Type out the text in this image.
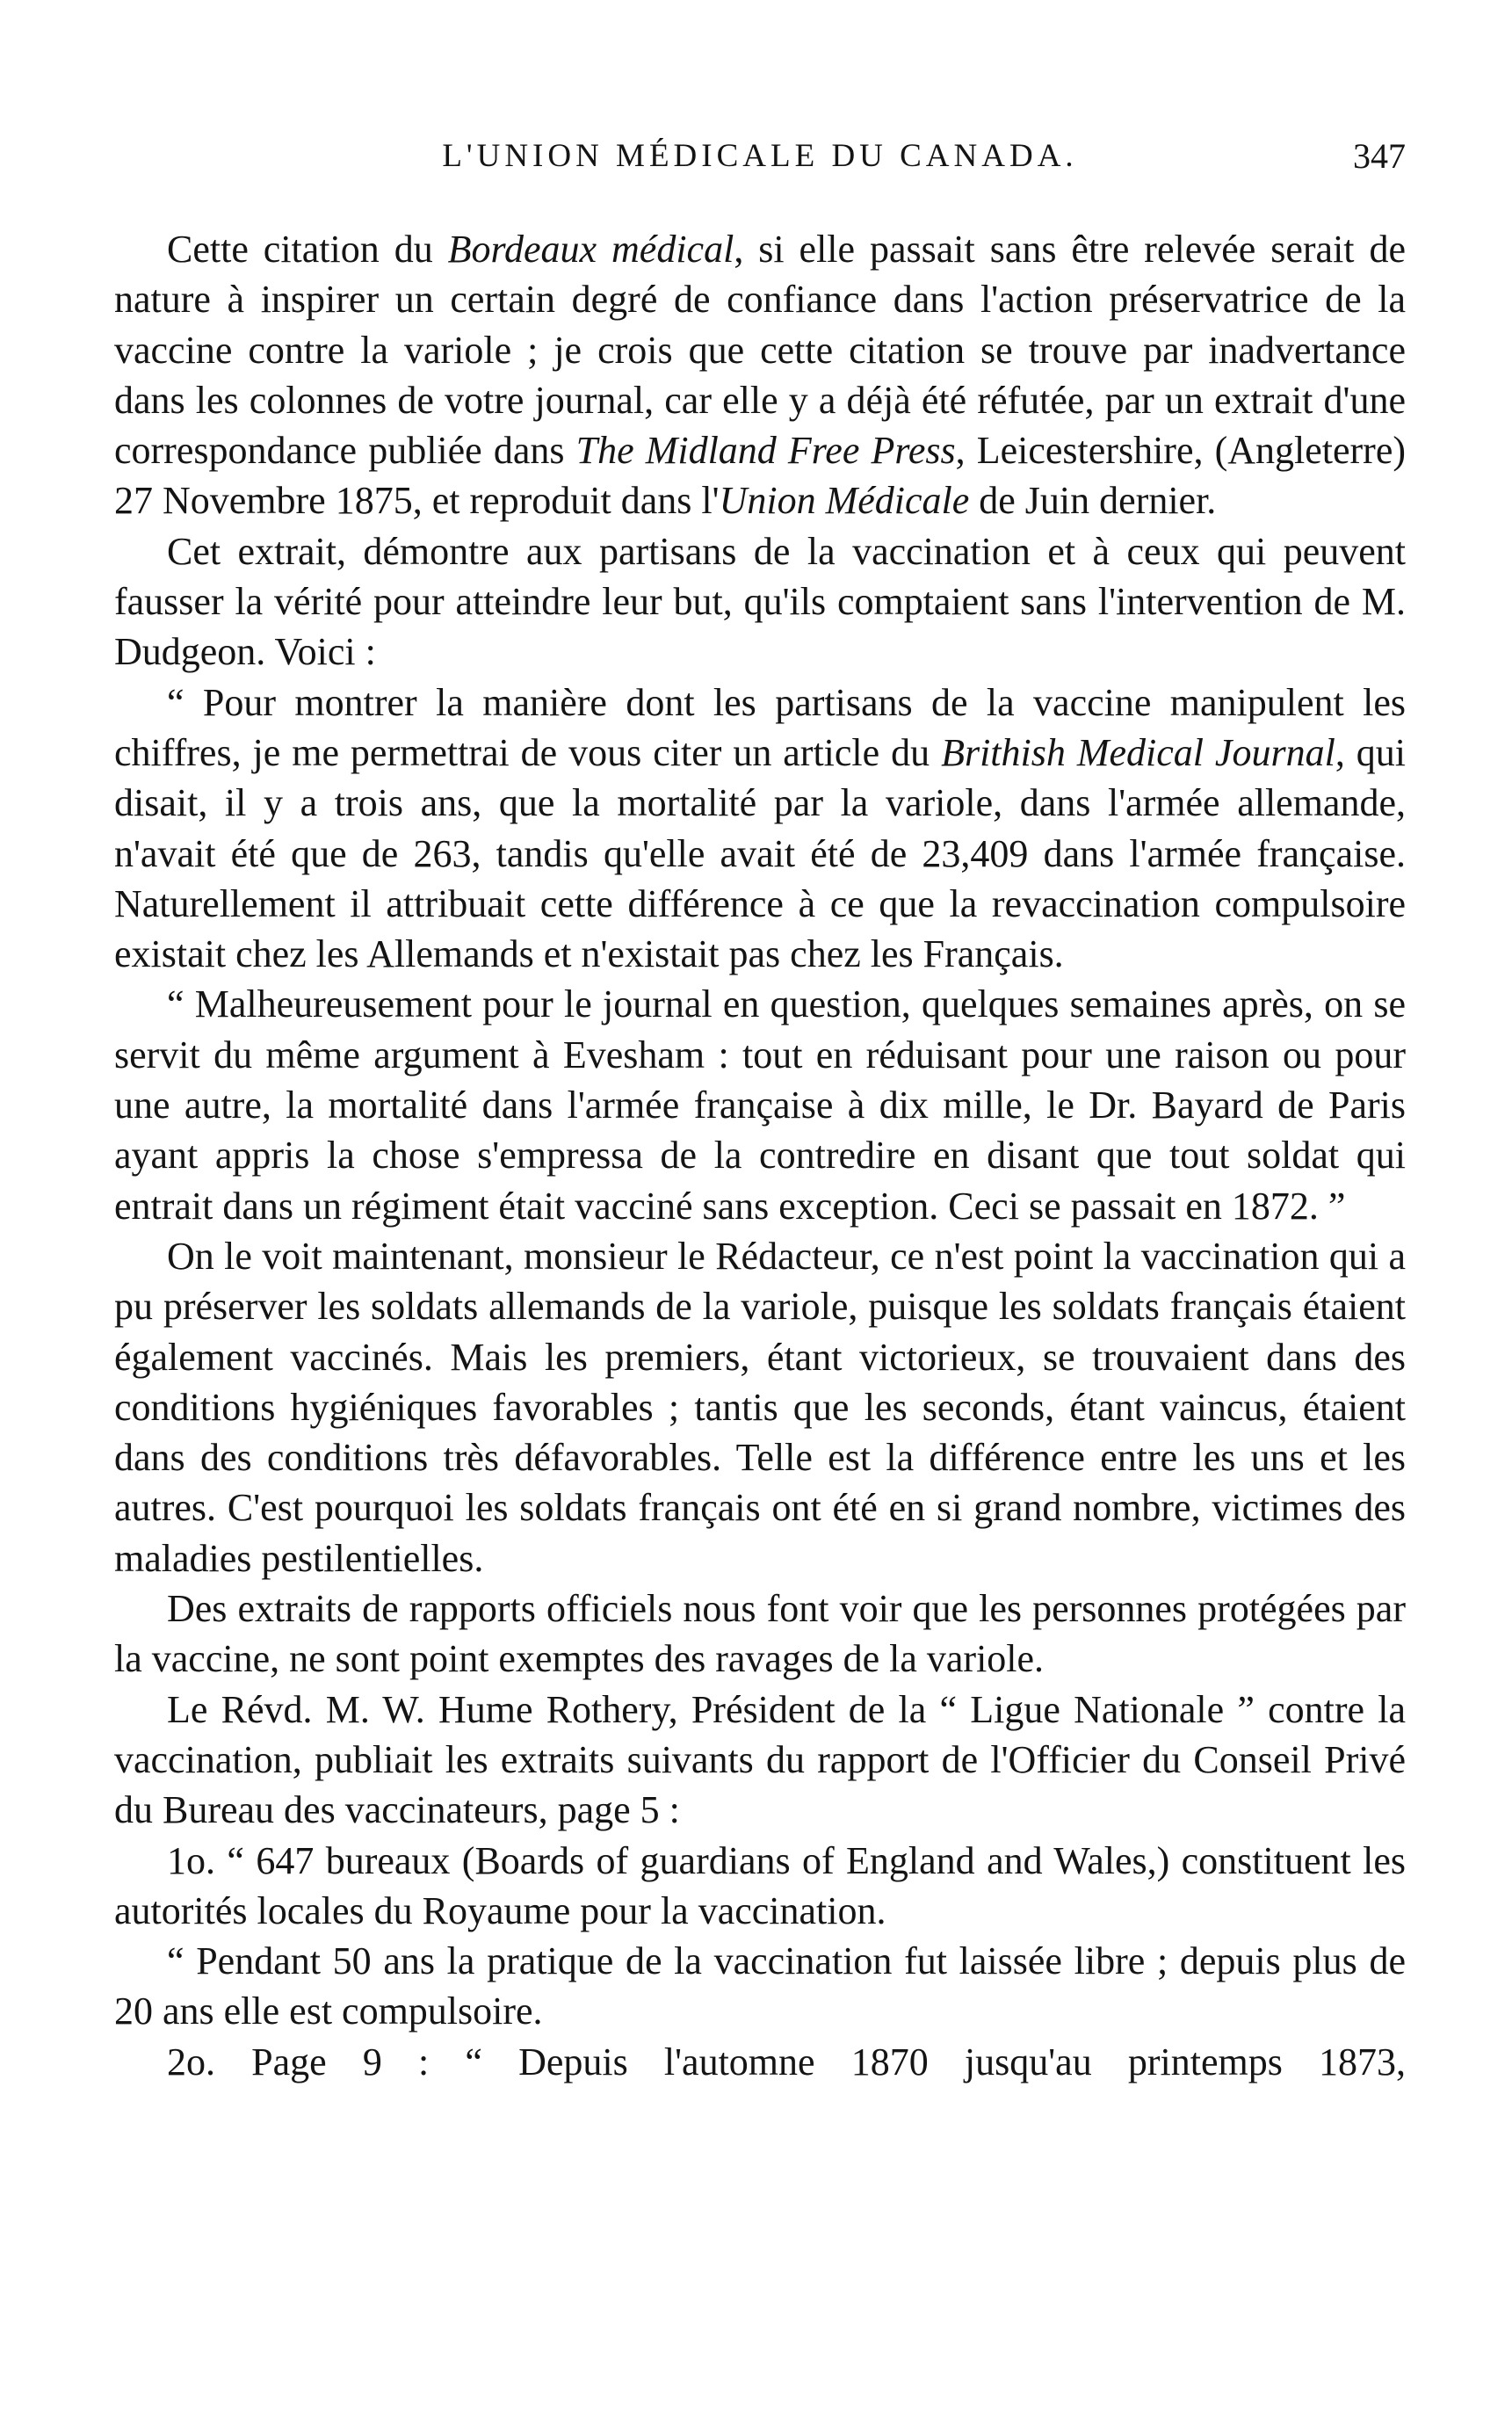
L'UNION MÉDICALE DU CANADA.	347

Cette citation du Bordeaux médical, si elle passait sans être relevée serait de nature à inspirer un certain degré de confiance dans l'action préservatrice de la vaccine contre la variole ; je crois que cette citation se trouve par inadvertance dans les colonnes de votre journal, car elle y a déjà été réfutée, par un extrait d'une correspondance publiée dans The Midland Free Press, Leicestershire, (Angleterre) 27 Novembre 1875, et reproduit dans l'Union Médicale de Juin dernier.

Cet extrait, démontre aux partisans de la vaccination et à ceux qui peuvent fausser la vérité pour atteindre leur but, qu'ils comptaient sans l'intervention de M. Dudgeon. Voici :

“ Pour montrer la manière dont les partisans de la vaccine manipulent les chiffres, je me permettrai de vous citer un article du Brithish Medical Journal, qui disait, il y a trois ans, que la mortalité par la variole, dans l'armée allemande, n'avait été que de 263, tandis qu'elle avait été de 23,409 dans l'armée française. Naturellement il attribuait cette différence à ce que la revaccination compulsoire existait chez les Allemands et n'existait pas chez les Français.

“ Malheureusement pour le journal en question, quelques semaines après, on se servit du même argument à Evesham : tout en réduisant pour une raison ou pour une autre, la mortalité dans l'armée française à dix mille, le Dr. Bayard de Paris ayant appris la chose s'empressa de la contredire en disant que tout soldat qui entrait dans un régiment était vacciné sans exception. Ceci se passait en 1872. ”

On le voit maintenant, monsieur le Rédacteur, ce n'est point la vaccination qui a pu préserver les soldats allemands de la variole, puisque les soldats français étaient également vaccinés. Mais les premiers, étant victorieux, se trouvaient dans des conditions hygiéniques favorables ; tantis que les seconds, étant vaincus, étaient dans des conditions très défavorables. Telle est la différence entre les uns et les autres. C'est pourquoi les soldats français ont été en si grand nombre, victimes des maladies pestilentielles.

Des extraits de rapports officiels nous font voir que les personnes protégées par la vaccine, ne sont point exemptes des ravages de la variole.

Le Révd. M. W. Hume Rothery, Président de la “ Ligue Nationale ” contre la vaccination, publiait les extraits suivants du rapport de l'Officier du Conseil Privé du Bureau des vaccinateurs, page 5 :

1o. “ 647 bureaux (Boards of guardians of England and Wales,) constituent les autorités locales du Royaume pour la vaccination.

“ Pendant 50 ans la pratique de la vaccination fut laissée libre ; depuis plus de 20 ans elle est compulsoire.

2o. Page 9 : “ Depuis l'automne 1870 jusqu'au printemps 1873,
